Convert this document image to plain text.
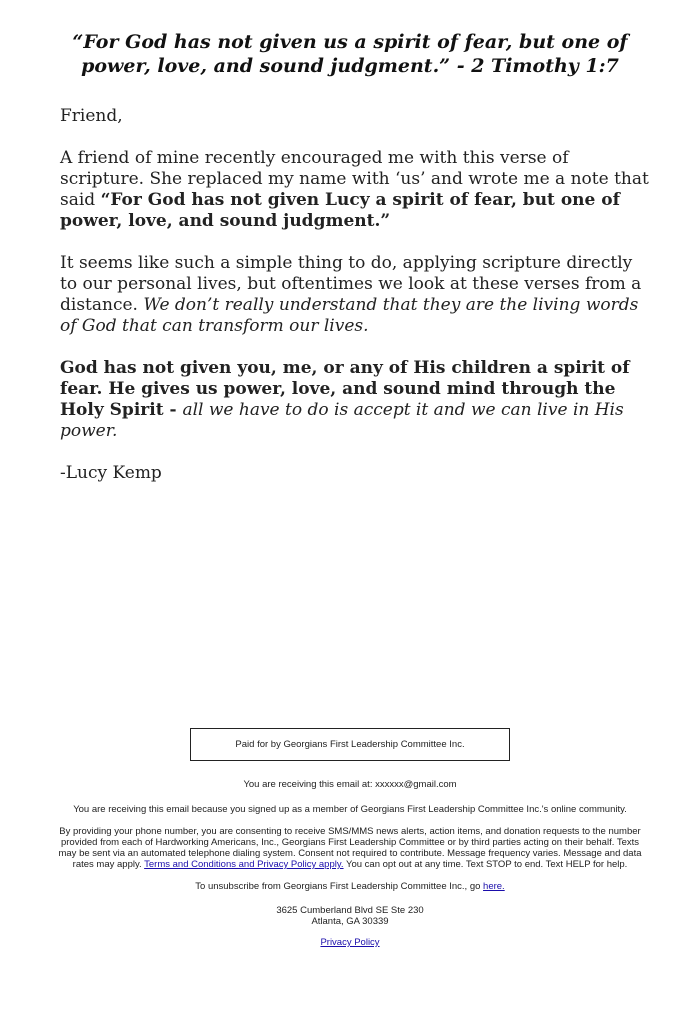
“For God has not given us a spirit of fear, but one of power, love, and sound judgment.” - 2 Timothy 1:7

Friend,

A friend of mine recently encouraged me with this verse of scripture. She replaced my name with ‘us’ and wrote me a note that said “For God has not given Lucy a spirit of fear, but one of power, love, and sound judgment.”

It seems like such a simple thing to do, applying scripture directly to our personal lives, but oftentimes we look at these verses from a distance. We don’t really understand that they are the living words of God that can transform our lives.

God has not given you, me, or any of His children a spirit of fear. He gives us power, love, and sound mind through the Holy Spirit - all we have to do is accept it and we can live in His power.

-Lucy Kemp

Paid for by Georgians First Leadership Committee Inc.

You are receiving this email at: xxxxxx@gmail.com

You are receiving this email because you signed up as a member of Georgians First Leadership Committee Inc.'s online community.

By providing your phone number, you are consenting to receive SMS/MMS news alerts, action items, and donation requests to the number provided from each of Hardworking Americans, Inc., Georgians First Leadership Committee or by third parties acting on their behalf. Texts may be sent via an automated telephone dialing system. Consent not required to contribute. Message frequency varies. Message and data rates may apply. Terms and Conditions and Privacy Policy apply. You can opt out at any time. Text STOP to end. Text HELP for help.

To unsubscribe from Georgians First Leadership Committee Inc., go here.

3625 Cumberland Blvd SE Ste 230

Atlanta, GA 30339

Privacy Policy
